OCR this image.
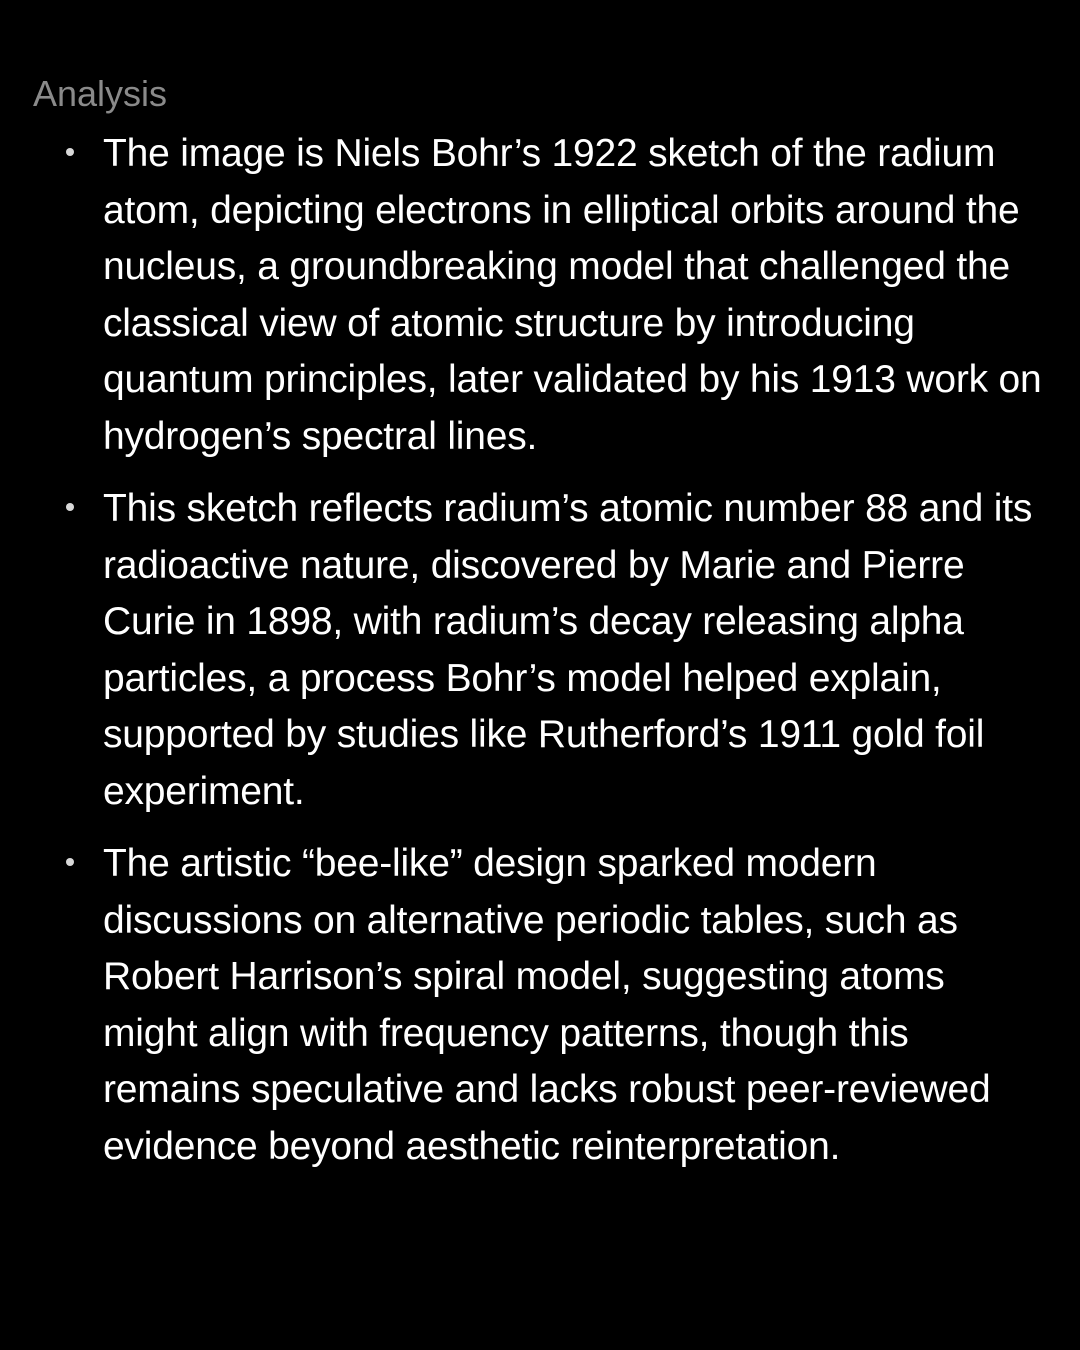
Analysis
The image is Niels Bohr’s 1922 sketch of the radium atom, depicting electrons in elliptical orbits around the nucleus, a groundbreaking model that challenged the classical view of atomic structure by introducing quantum principles, later validated by his 1913 work on hydrogen’s spectral lines.
This sketch reflects radium’s atomic number 88 and its radioactive nature, discovered by Marie and Pierre Curie in 1898, with radium’s decay releasing alpha particles, a process Bohr’s model helped explain, supported by studies like Rutherford’s 1911 gold foil experiment.
The artistic “bee-like” design sparked modern discussions on alternative periodic tables, such as Robert Harrison’s spiral model, suggesting atoms might align with frequency patterns, though this remains speculative and lacks robust peer-reviewed evidence beyond aesthetic reinterpretation.
